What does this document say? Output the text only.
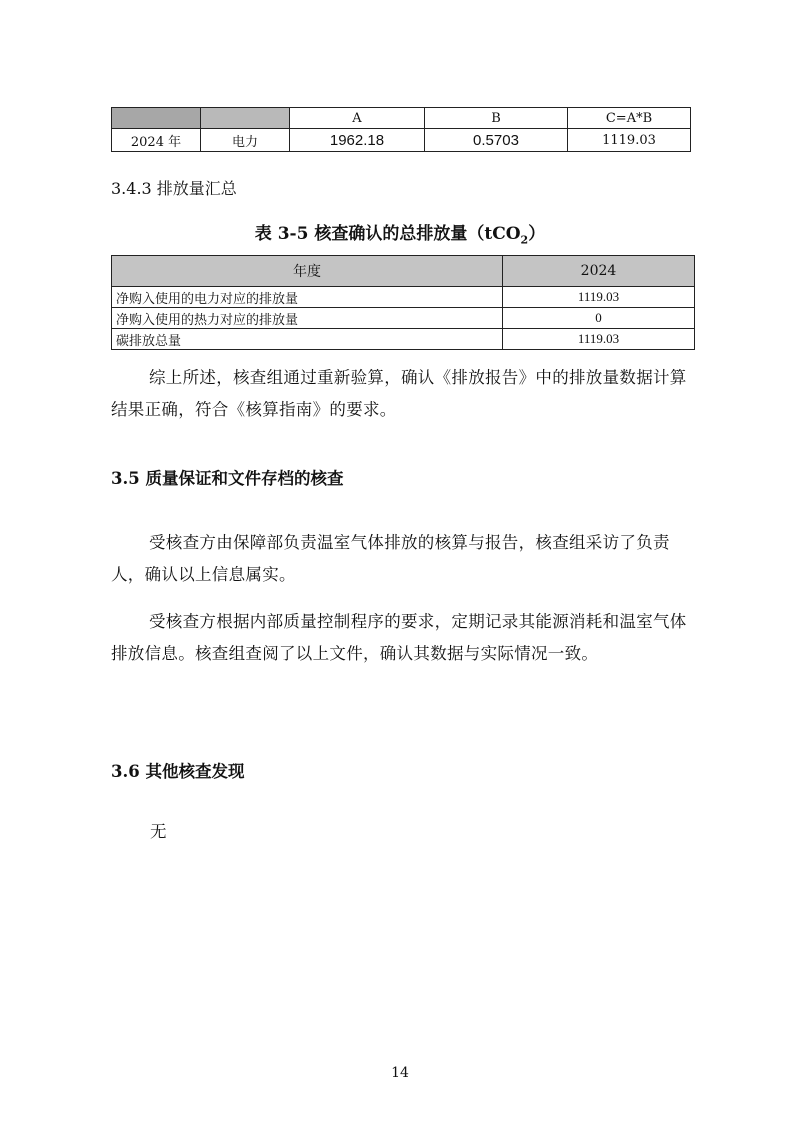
		A	B	C=A*B
2024 年	电力	1962.18	0.5703	1119.03

3.4.3 排放量汇总

表 3-5 核查确认的总排放量（tCO$_2$）

年度	2024
净购入使用的电力对应的排放量	1119.03
净购入使用的热力对应的排放量	0
碳排放总量	1119.03

综上所述，核查组通过重新验算，确认《排放报告》中的排放量数据计算结果正确，符合《核算指南》的要求。

3.5 质量保证和文件存档的核查

受核查方由保障部负责温室气体排放的核算与报告，核查组采访了负责人，确认以上信息属实。

受核查方根据内部质量控制程序的要求，定期记录其能源消耗和温室气体排放信息。核查组查阅了以上文件，确认其数据与实际情况一致。

3.6 其他核查发现

无

14
